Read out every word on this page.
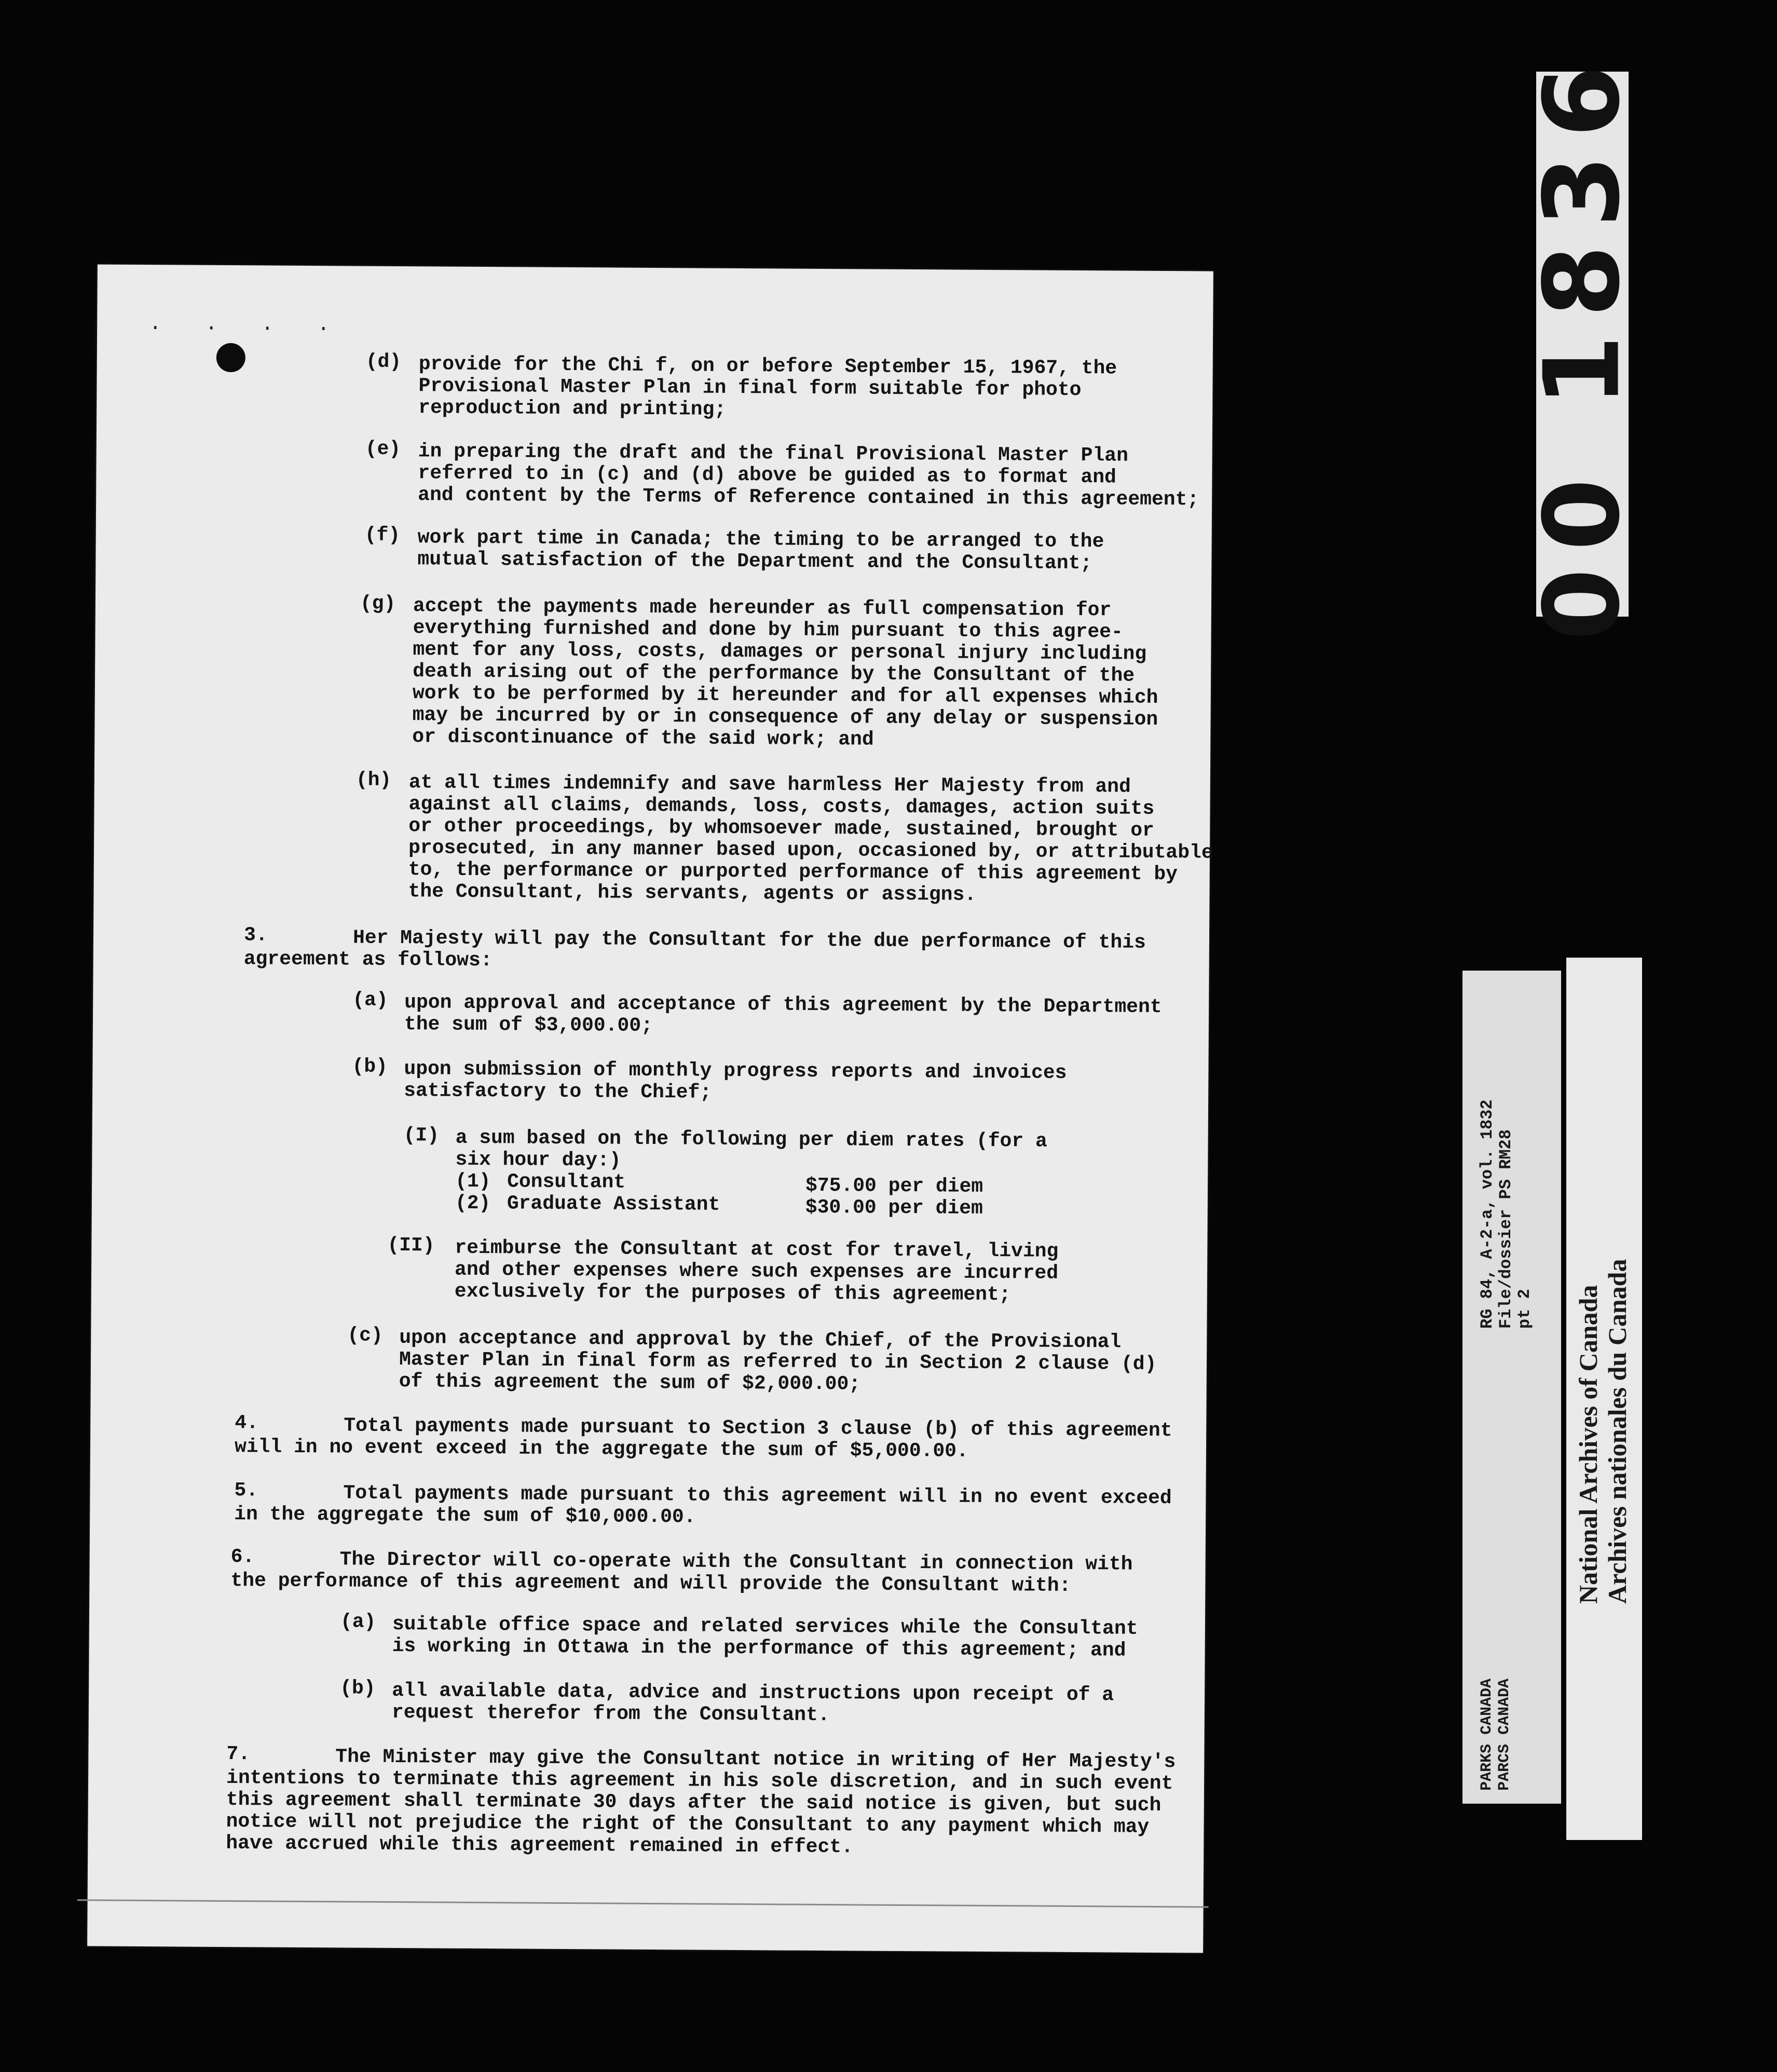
· · · ·
(d) provide for the Chi f, on or before September 15, 1967, the
Provisional Master Plan in final form suitable for photo
reproduction and printing;
(e) in preparing the draft and the final Provisional Master Plan
referred to in (c) and (d) above be guided as to format and
and content by the Terms of Reference contained in this agreement;
(f) work part time in Canada; the timing to be arranged to the
mutual satisfaction of the Department and the Consultant;
(g) accept the payments made hereunder as full compensation for
everything furnished and done by him pursuant to this agree-
ment for any loss, costs, damages or personal injury including
death arising out of the performance by the Consultant of the
work to be performed by it hereunder and for all expenses which
may be incurred by or in consequence of any delay or suspension
or discontinuance of the said work; and
(h) at all times indemnify and save harmless Her Majesty from and
against all claims, demands, loss, costs, damages, action suits
or other proceedings, by whomsoever made, sustained, brought or
prosecuted, in any manner based upon, occasioned by, or attributable
to, the performance or purported performance of this agreement by
the Consultant, his servants, agents or assigns.
3.	Her Majesty will pay the Consultant for the due performance of this
agreement as follows:
(a) upon approval and acceptance of this agreement by the Department
the sum of $3,000.00;
(b) upon submission of monthly progress reports and invoices
satisfactory to the Chief;
(I) a sum based on the following per diem rates (for a
six hour day:)
(1) Consultant	$75.00 per diem
(2) Graduate Assistant	$30.00 per diem
(II) reimburse the Consultant at cost for travel, living
and other expenses where such expenses are incurred
exclusively for the purposes of this agreement;
(c) upon acceptance and approval by the Chief, of the Provisional
Master Plan in final form as referred to in Section 2 clause (d)
of this agreement the sum of $2,000.00;
4.	Total payments made pursuant to Section 3 clause (b) of this agreement
will in no event exceed in the aggregate the sum of $5,000.00.
5.	Total payments made pursuant to this agreement will in no event exceed
in the aggregate the sum of $10,000.00.
6.	The Director will co-operate with the Consultant in connection with
the performance of this agreement and will provide the Consultant with:
(a) suitable office space and related services while the Consultant
is working in Ottawa in the performance of this agreement; and
(b) all available data, advice and instructions upon receipt of a
request therefor from the Consultant.
7.	The Minister may give the Consultant notice in writing of Her Majesty's
intentions to terminate this agreement in his sole discretion, and in such event
this agreement shall terminate 30 days after the said notice is given, but such
notice will not prejudice the right of the Consultant to any payment which may
have accrued while this agreement remained in effect.
00 1836
RG 84, A-2-a, vol. 1832
File/dossier PS RM28
pt 2
PARKS CANADA
PARCS CANADA
National Archives of Canada
Archives nationales du Canada
